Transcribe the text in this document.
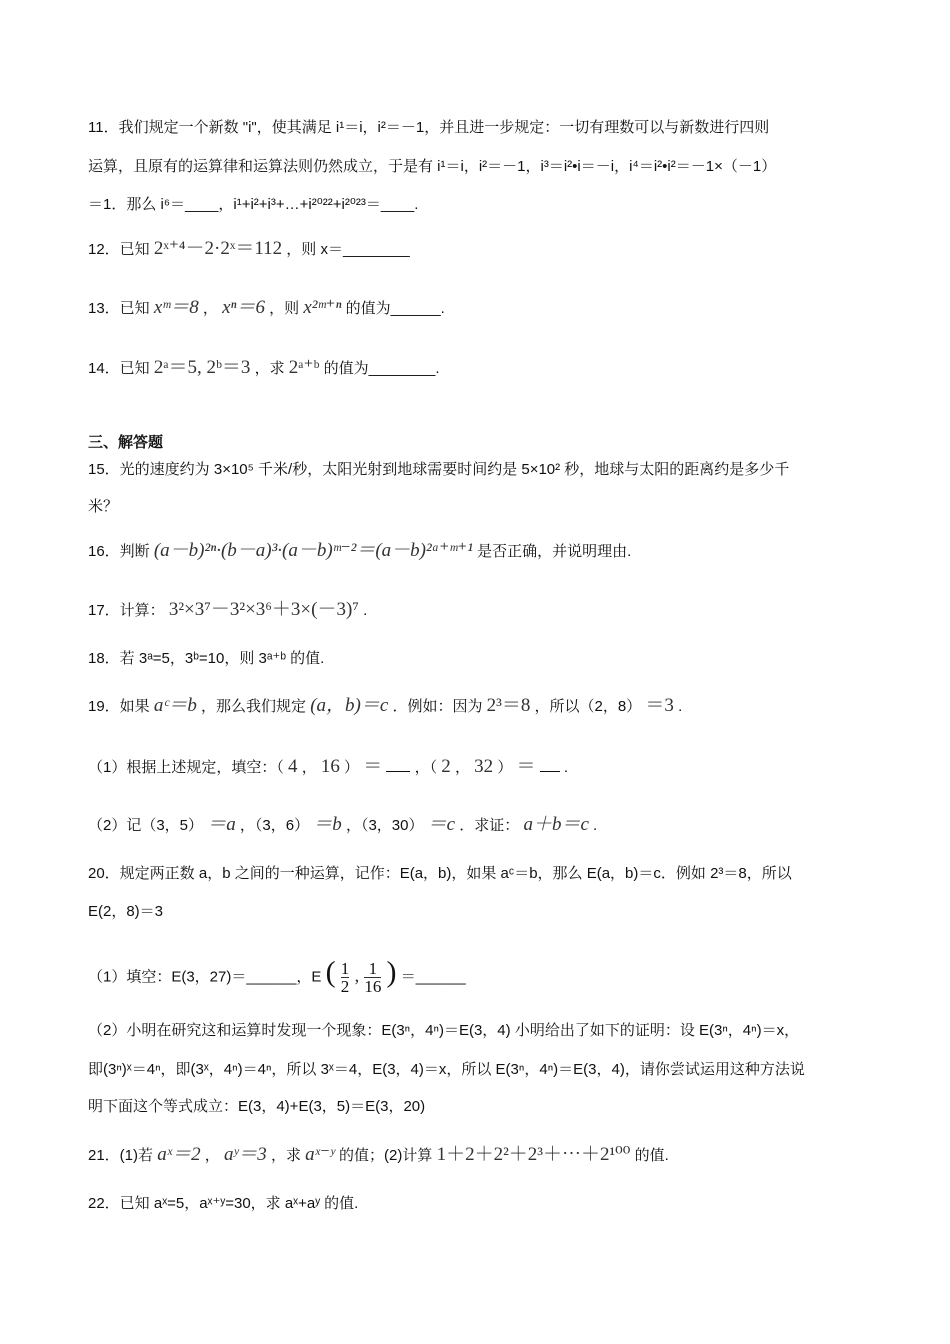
11．我们规定一个新数 "i"，使其满足 i¹＝i，i²＝－1，并且进一步规定：一切有理数可以与新数进行四则
运算，且原有的运算律和运算法则仍然成立，于是有 i¹＝i，i²＝－1，i³＝i²•i＝－i，i⁴＝i²•i²＝－1×（－1）
＝1．那么 i⁶＝____，i¹+i²+i³+…+i²⁰²²+i²⁰²³＝____.
12．已知 2ˣ⁺⁴－2·2ˣ＝112 ，则 x＝________
13．已知 xᵐ＝8 ， xⁿ＝6 ，则 x²ᵐ⁺ⁿ 的值为______.
14．已知 2ᵃ＝5, 2ᵇ＝3 ，求 2ᵃ⁺ᵇ 的值为________.
三、解答题
15．光的速度约为 3×10⁵ 千米/秒，太阳光射到地球需要时间约是 5×10² 秒，地球与太阳的距离约是多少千
米？
16．判断 (a－b)²ⁿ·(b－a)³·(a－b)ᵐ⁻²＝(a－b)²ᵃ⁺ᵐ⁺¹ 是否正确，并说明理由.
17．计算： 3²×3⁷－3²×3⁶＋3×(－3)⁷ .
18．若 3ᵃ=5，3ᵇ=10，则 3ᵃ⁺ᵇ 的值.
19．如果 aᶜ＝b ，那么我们规定 (a，b)＝c ．例如：因为 2³＝8 ，所以（2，8） ＝3 .
（1）根据上述规定，填空：（ 4 ， 16 ） ＝ ，（ 2 ， 32 ） ＝ .
（2）记（3，5） ＝a ，（3，6） ＝b ，（3，30） ＝c ．求证： a＋b＝c .
20．规定两正数 a，b 之间的一种运算，记作：E(a，b)，如果 aᶜ＝b，那么 E(a，b)＝c．例如 2³＝8，所以
E(2，8)＝3
（1）填空：E(3，27)＝______，E ( $\frac{1}{2}$ , $\frac{1}{16}$ ) ＝______
（2）小明在研究这和运算时发现一个现象：E(3ⁿ，4ⁿ)＝E(3，4) 小明给出了如下的证明：设 E(3ⁿ，4ⁿ)＝x，
即(3ⁿ)ˣ＝4ⁿ，即(3ˣ，4ⁿ)＝4ⁿ，所以 3ˣ＝4，E(3，4)＝x，所以 E(3ⁿ，4ⁿ)＝E(3，4)，请你尝试运用这种方法说
明下面这个等式成立：E(3，4)+E(3，5)＝E(3，20)
21．(1)若 aˣ＝2 ， aʸ＝3 ，求 aˣ⁻ʸ 的值；(2)计算 1＋2＋2²＋2³＋⋯＋2¹⁰⁰ 的值.
22．已知 aˣ=5，aˣ⁺ʸ=30，求 aˣ+aʸ 的值.
